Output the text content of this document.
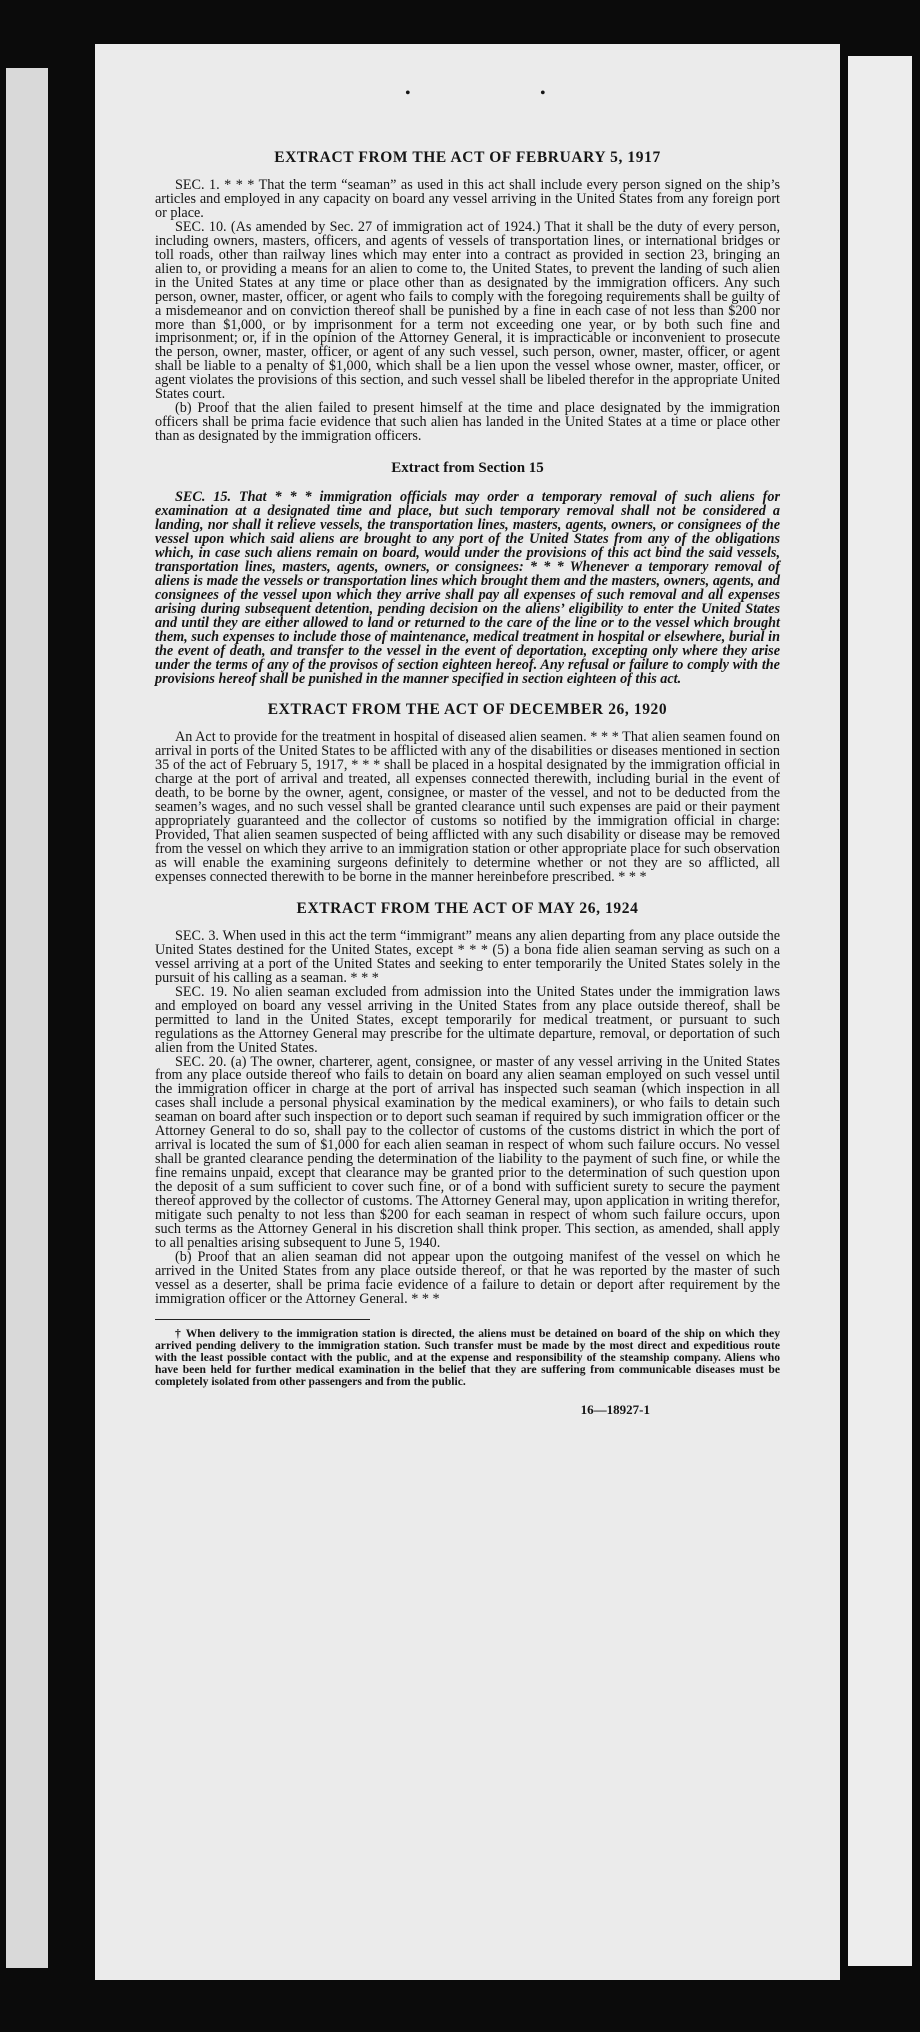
•	•
EXTRACT FROM THE ACT OF FEBRUARY 5, 1917

SEC. 1. * * * That the term “seaman” as used in this act shall include every person signed on the ship’s articles and employed in any capacity on board any vessel arriving in the United States from any foreign port or place.

SEC. 10. (As amended by Sec. 27 of immigration act of 1924.) That it shall be the duty of every person, including owners, masters, officers, and agents of vessels of transportation lines, or international bridges or toll roads, other than railway lines which may enter into a contract as provided in section 23, bringing an alien to, or providing a means for an alien to come to, the United States, to prevent the landing of such alien in the United States at any time or place other than as designated by the immigration officers. Any such person, owner, master, officer, or agent who fails to comply with the foregoing requirements shall be guilty of a misdemeanor and on conviction thereof shall be punished by a fine in each case of not less than $200 nor more than $1,000, or by imprisonment for a term not exceeding one year, or by both such fine and imprisonment; or, if in the opinion of the Attorney General, it is impracticable or inconvenient to prosecute the person, owner, master, officer, or agent of any such vessel, such person, owner, master, officer, or agent shall be liable to a penalty of $1,000, which shall be a lien upon the vessel whose owner, master, officer, or agent violates the provisions of this section, and such vessel shall be libeled therefor in the appropriate United States court.

(b) Proof that the alien failed to present himself at the time and place designated by the immigration officers shall be prima facie evidence that such alien has landed in the United States at a time or place other than as designated by the immigration officers.

Extract from Section 15

SEC. 15. That * * * immigration officials may order a temporary removal of such aliens for examination at a designated time and place, but such temporary removal shall not be considered a landing, nor shall it relieve vessels, the transportation lines, masters, agents, owners, or consignees of the vessel upon which said aliens are brought to any port of the United States from any of the obligations which, in case such aliens remain on board, would under the provisions of this act bind the said vessels, transportation lines, masters, agents, owners, or consignees: * * * Whenever a temporary removal of aliens is made the vessels or transportation lines which brought them and the masters, owners, agents, and consignees of the vessel upon which they arrive shall pay all expenses of such removal and all expenses arising during subsequent detention, pending decision on the aliens’ eligibility to enter the United States and until they are either allowed to land or returned to the care of the line or to the vessel which brought them, such expenses to include those of maintenance, medical treatment in hospital or elsewhere, burial in the event of death, and transfer to the vessel in the event of deportation, excepting only where they arise under the terms of any of the provisos of section eighteen hereof. Any refusal or failure to comply with the provisions hereof shall be punished in the manner specified in section eighteen of this act.

EXTRACT FROM THE ACT OF DECEMBER 26, 1920

An Act to provide for the treatment in hospital of diseased alien seamen. * * * That alien seamen found on arrival in ports of the United States to be afflicted with any of the disabilities or diseases mentioned in section 35 of the act of February 5, 1917, * * * shall be placed in a hospital designated by the immigration official in charge at the port of arrival and treated, all expenses connected therewith, including burial in the event of death, to be borne by the owner, agent, consignee, or master of the vessel, and not to be deducted from the seamen’s wages, and no such vessel shall be granted clearance until such expenses are paid or their payment appropriately guaranteed and the collector of customs so notified by the immigration official in charge: Provided, That alien seamen suspected of being afflicted with any such disability or disease may be removed from the vessel on which they arrive to an immigration station or other appropriate place for such observation as will enable the examining surgeons definitely to determine whether or not they are so afflicted, all expenses connected therewith to be borne in the manner hereinbefore prescribed. * * *

EXTRACT FROM THE ACT OF MAY 26, 1924

SEC. 3. When used in this act the term “immigrant” means any alien departing from any place outside the United States destined for the United States, except * * * (5) a bona fide alien seaman serving as such on a vessel arriving at a port of the United States and seeking to enter temporarily the United States solely in the pursuit of his calling as a seaman. * * *

SEC. 19. No alien seaman excluded from admission into the United States under the immigration laws and employed on board any vessel arriving in the United States from any place outside thereof, shall be permitted to land in the United States, except temporarily for medical treatment, or pursuant to such regulations as the Attorney General may prescribe for the ultimate departure, removal, or deportation of such alien from the United States.

SEC. 20. (a) The owner, charterer, agent, consignee, or master of any vessel arriving in the United States from any place outside thereof who fails to detain on board any alien seaman employed on such vessel until the immigration officer in charge at the port of arrival has inspected such seaman (which inspection in all cases shall include a personal physical examination by the medical examiners), or who fails to detain such seaman on board after such inspection or to deport such seaman if required by such immigration officer or the Attorney General to do so, shall pay to the collector of customs of the customs district in which the port of arrival is located the sum of $1,000 for each alien seaman in respect of whom such failure occurs. No vessel shall be granted clearance pending the determination of the liability to the payment of such fine, or while the fine remains unpaid, except that clearance may be granted prior to the determination of such question upon the deposit of a sum sufficient to cover such fine, or of a bond with sufficient surety to secure the payment thereof approved by the collector of customs. The Attorney General may, upon application in writing therefor, mitigate such penalty to not less than $200 for each seaman in respect of whom such failure occurs, upon such terms as the Attorney General in his discretion shall think proper. This section, as amended, shall apply to all penalties arising subsequent to June 5, 1940.

(b) Proof that an alien seaman did not appear upon the outgoing manifest of the vessel on which he arrived in the United States from any place outside thereof, or that he was reported by the master of such vessel as a deserter, shall be prima facie evidence of a failure to detain or deport after requirement by the immigration officer or the Attorney General. * * *

† When delivery to the immigration station is directed, the aliens must be detained on board of the ship on which they arrived pending delivery to the immigration station. Such transfer must be made by the most direct and expeditious route with the least possible contact with the public, and at the expense and responsibility of the steamship company. Aliens who have been held for further medical examination in the belief that they are suffering from communicable diseases must be completely isolated from other passengers and from the public.

16—18927-1
